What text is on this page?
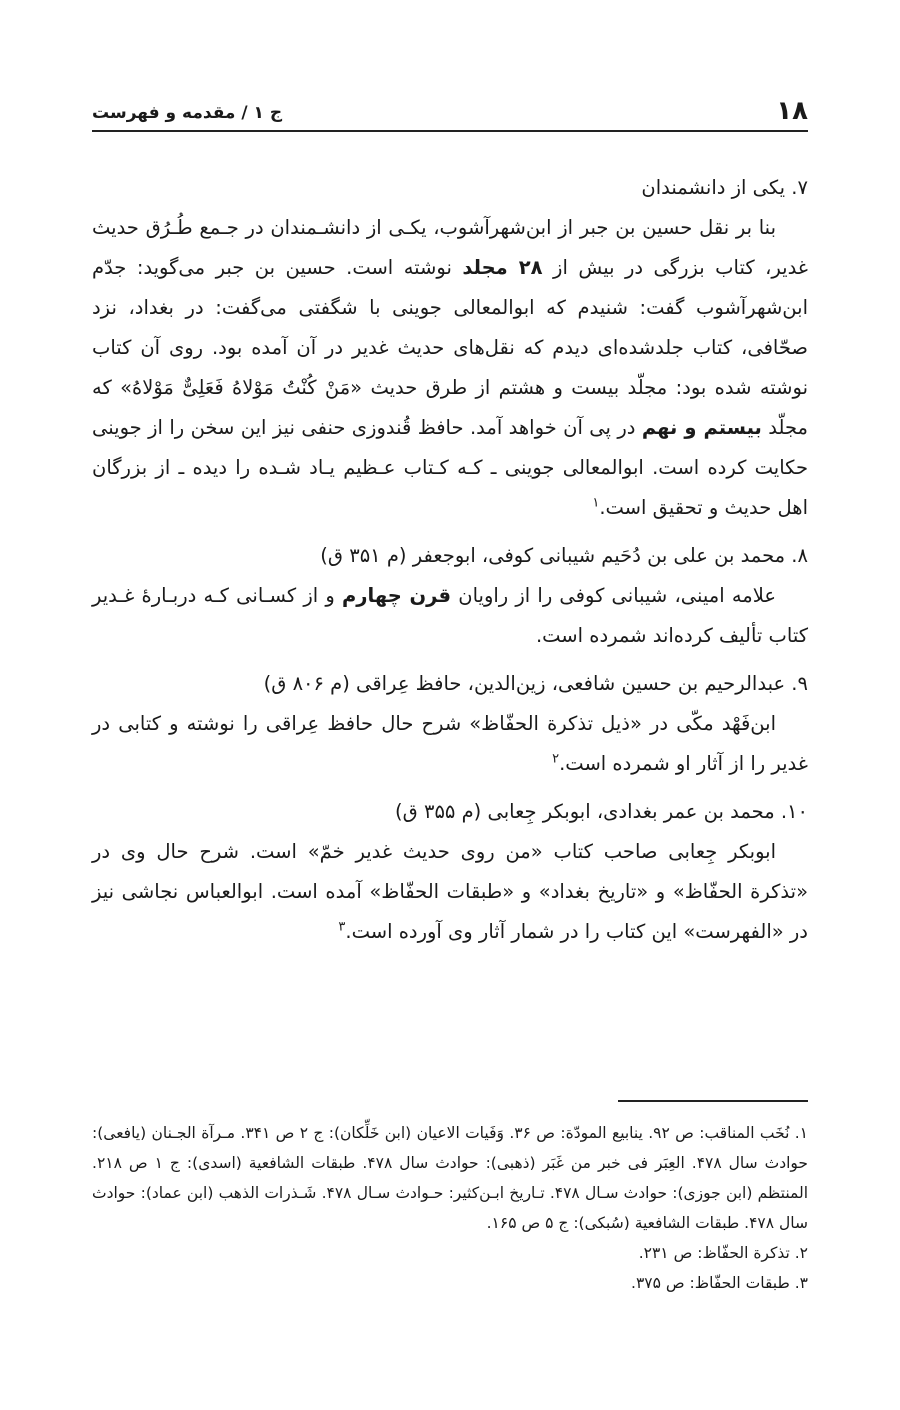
۱۸
ج ۱ / مقدمه و فهرست

۷. یکی از دانشمندان

بنا بر نقل حسین بن جبر از ابن‌شهرآشوب، یکـی از دانشـمندان در جـمع طُـرُق حدیث غدیر، کتاب بزرگی در بیش از ۲۸ مجلد نوشته است. حسین بن جبر می‌گوید: جدّم ابن‌شهرآشوب گفت: شنیدم که ابوالمعالی جوینی با شگفتی می‌گفت: در بغداد، نزد صحّافی، کتاب جلدشده‌ای دیدم که نقل‌های حدیث غدیر در آن آمده بود. روی آن کتاب نوشته شده بود: مجلّد بیست و هشتم از طرق حدیث «مَنْ کُنْتُ مَوْلاهُ فَعَلِیٌّ مَوْلاهُ» که مجلّد بیستم و نهم در پی آن خواهد آمد. حافظ قُندوزی حنفی نیز این سخن را از جوینی حکایت کرده است. ابوالمعالی جوینی ـ کـه کـتاب عـظیم یـاد شـده را دیده ـ از بزرگان اهل حدیث و تحقیق است.$^۱$

۸. محمد بن علی بن دُحَیم شیبانی کوفی، ابوجعفر (م ۳۵۱ ق)

علامه امینی، شیبانی کوفی را از راویان قرن چهارم و از کسـانی کـه دربـارۀ غـدیر کتاب تألیف کرده‌اند شمرده است.

۹. عبدالرحیم بن حسین شافعی، زین‌الدین، حافظ عِراقی (م ۸۰۶ ق)

ابن‌فَهْد مکّی در «ذیل تذکرة الحفّاظ» شرح حال حافظ عِراقی را نوشته و کتابی در غدیر را از آثار او شمرده است.$^۲$

۱۰. محمد بن عمر بغدادی، ابوبکر جِعابی (م ۳۵۵ ق)

ابوبکر جِعابی صاحب کتاب «من روی حدیث غدیر خمّ» است. شرح حال وی در «تذکرة الحفّاظ» و «تاریخ بغداد» و «طبقات الحفّاظ» آمده است. ابوالعباس نجاشی نیز در «الفهرست» این کتاب را در شمار آثار وی آورده است.$^۳$

۱. نُخَب المناقب: ص ۹۲. ینابیع المودّة: ص ۳۶. وَفَیات الاعیان (ابن خَلِّکان): ج ۲ ص ۳۴۱. مـرآة الجـنان (یافعی): حوادث سال ۴۷۸. العِبَر فی خبر من غَبَر (ذهبی): حوادث سال ۴۷۸. طبقات الشافعیة (اسدی): ج ۱ ص ۲۱۸. المنتظم (ابن جوزی): حوادث سـال ۴۷۸. تـاریخ ابـن‌کثیر: حـوادث سـال ۴۷۸. شَـذرات الذهب (ابن عماد): حوادث سال ۴۷۸. طبقات الشافعیة (سُبکی): ج ۵ ص ۱۶۵.

۲. تذکرة الحفّاظ: ص ۲۳۱.

۳. طبقات الحفّاظ: ص ۳۷۵.
